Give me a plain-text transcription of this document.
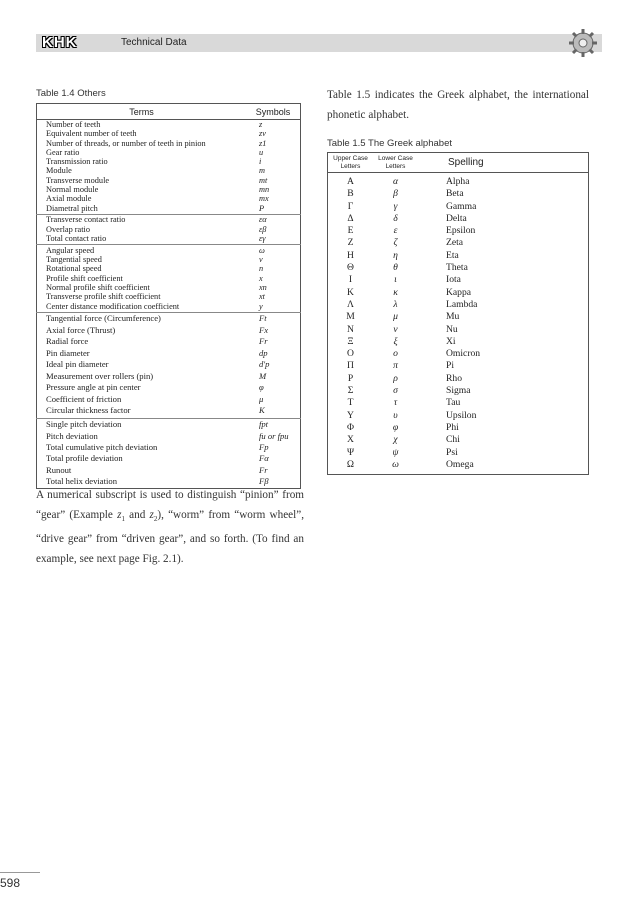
KHK	Technical Data
Table 1.4 Others
Terms	Symbols
Number of teeth	z
Equivalent number of teeth	zv
Number of threads, or number of teeth in pinion	z1
Gear ratio	u
Transmission ratio	i
Module	m
Transverse module	mt
Normal module	mn
Axial module	mx
Diametral pitch	P
Transverse contact ratio	εα
Overlap ratio	εβ
Total contact ratio	εγ
Angular speed	ω
Tangential speed	v
Rotational speed	n
Profile shift coefficient	x
Normal profile shift coefficient	xn
Transverse profile shift coefficient	xt
Center distance modification coefficient	y
Tangential force (Circumference)	Ft
Axial force (Thrust)	Fx
Radial force	Fr
Pin diameter	dp
Ideal pin diameter	d'p
Measurement over rollers (pin)	M
Pressure angle at pin center	φ
Coefficient of friction	μ
Circular thickness factor	K
Single pitch deviation	fpt
Pitch deviation	fu or fpu
Total cumulative pitch deviation	Fp
Total profile deviation	Fα
Runout	Fr
Total helix deviation	Fβ
A numerical subscript is used to distinguish “pinion” from “gear” (Example $z_1$ and $z_2$), “worm” from “worm wheel”, “drive gear” from “driven gear”, and so forth. (To find an example, see next page Fig. 2.1).
Table 1.5 indicates the Greek alphabet, the international phonetic alphabet.
Table 1.5 The Greek alphabet
Upper Case Letters	Lower Case Letters	Spelling
Α	α	Alpha
Β	β	Beta
Γ	γ	Gamma
Δ	δ	Delta
Ε	ε	Epsilon
Ζ	ζ	Zeta
Η	η	Eta
Θ	θ	Theta
Ι	ι	Iota
Κ	κ	Kappa
Λ	λ	Lambda
Μ	μ	Mu
Ν	ν	Nu
Ξ	ξ	Xi
Ο	ο	Omicron
Π	π	Pi
Ρ	ρ	Rho
Σ	σ	Sigma
Τ	τ	Tau
Υ	υ	Upsilon
Φ	φ	Phi
Χ	χ	Chi
Ψ	ψ	Psi
Ω	ω	Omega
598
